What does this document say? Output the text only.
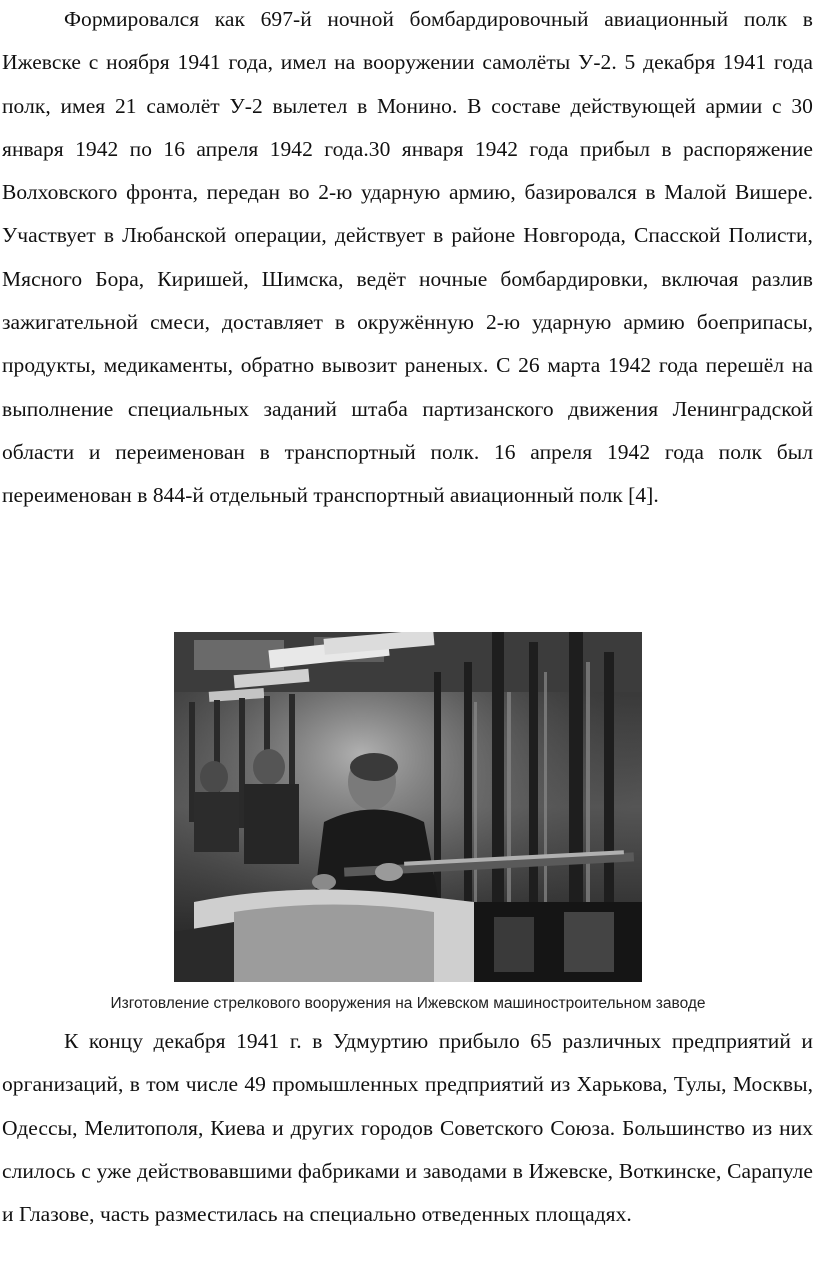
Формировался как 697-й ночной бомбардировочный авиационный полк в Ижевске с ноября 1941 года, имел на вооружении самолёты У-2. 5 декабря 1941 года полк, имея 21 самолёт У-2 вылетел в Монино. В составе действующей армии с 30 января 1942 по 16 апреля 1942 года.30 января 1942 года прибыл в распоряжение Волховского фронта, передан во 2-ю ударную армию, базировался в Малой Вишере. Участвует в Любанской операции, действует в районе Новгорода, Спасской Полисти, Мясного Бора, Киришей, Шимска, ведёт ночные бомбардировки, включая разлив зажигательной смеси, доставляет в окружённую 2-ю ударную армию боеприпасы, продукты, медикаменты, обратно вывозит раненых. С 26 марта 1942 года перешёл на выполнение специальных заданий штаба партизанского движения Ленинградской области и переименован в транспортный полк. 16 апреля 1942 года полк был переименован в 844-й отдельный транспортный авиационный полк [4].

Изготовление стрелкового вооружения на Ижевском машиностроительном заводе

К концу декабря 1941 г. в Удмуртию прибыло 65 различных предприятий и организаций, в том числе 49 промышленных предприятий из Харькова, Тулы, Москвы, Одессы, Мелитополя, Киева и других городов Советского Союза. Большинство из них слилось с уже действовавшими фабриками и заводами в Ижевске, Воткинске, Сарапуле и Глазове, часть разместилась на специально отведенных площадях.
